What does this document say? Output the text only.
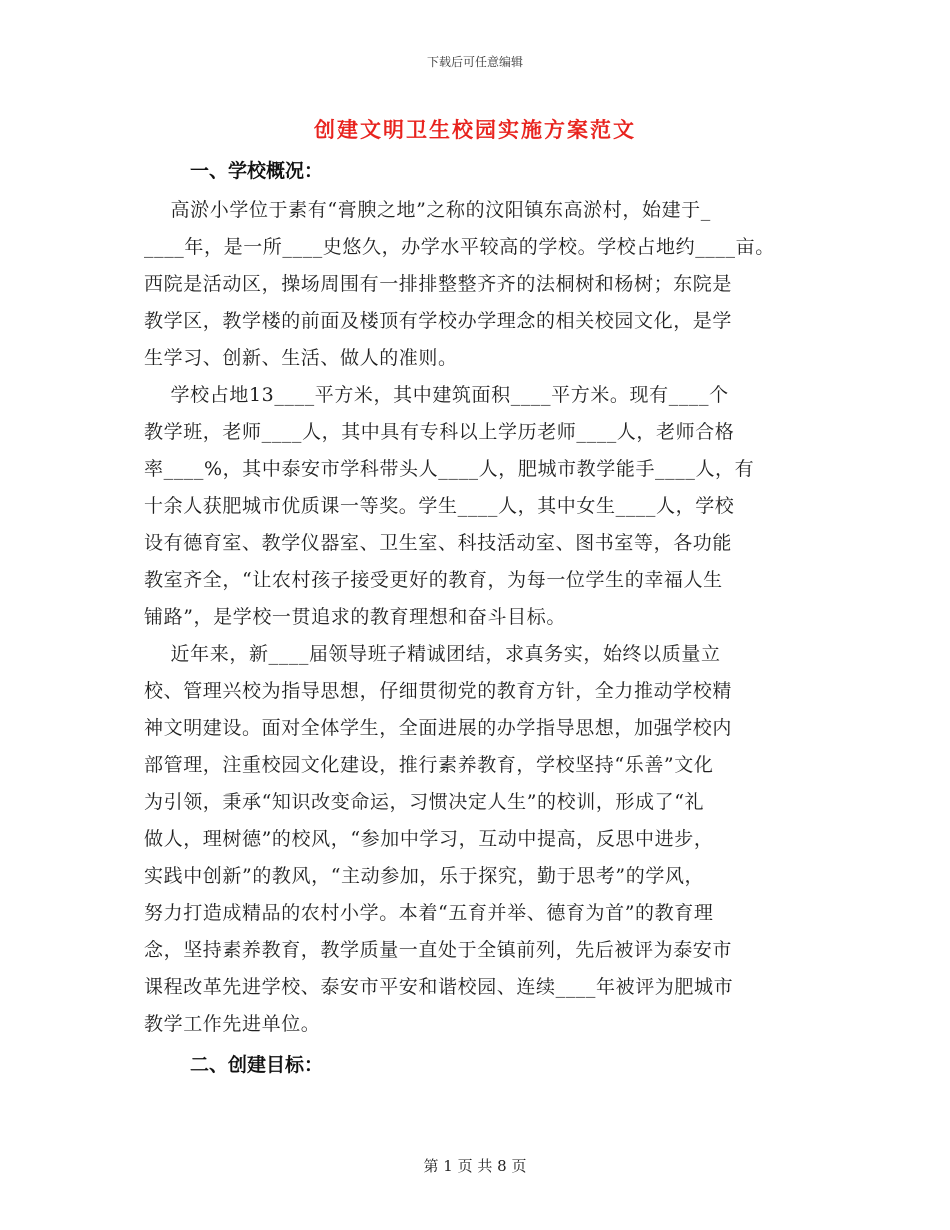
下载后可任意编辑
创建文明卫生校园实施方案范文
一、学校概况：
高淤小学位于素有“膏腴之地”之称的汶阳镇东高淤村，始建于_
____年，是一所____史悠久，办学水平较高的学校。学校占地约____亩。
西院是活动区，操场周围有一排排整整齐齐的法桐树和杨树；东院是
教学区，教学楼的前面及楼顶有学校办学理念的相关校园文化，是学
生学习、创新、生活、做人的准则。
学校占地13____平方米，其中建筑面积____平方米。现有____个
教学班，老师____人，其中具有专科以上学历老师____人，老师合格
率____%，其中泰安市学科带头人____人，肥城市教学能手____人，有
十余人获肥城市优质课一等奖。学生____人，其中女生____人，学校
设有德育室、教学仪器室、卫生室、科技活动室、图书室等，各功能
教室齐全，“让农村孩子接受更好的教育，为每一位学生的幸福人生
铺路”，是学校一贯追求的教育理想和奋斗目标。
近年来，新____届领导班子精诚团结，求真务实，始终以质量立
校、管理兴校为指导思想，仔细贯彻党的教育方针，全力推动学校精
神文明建设。面对全体学生，全面进展的办学指导思想，加强学校内
部管理，注重校园文化建设，推行素养教育，学校坚持“乐善”文化
为引领，秉承“知识改变命运，习惯决定人生”的校训，形成了“礼
做人，理树德”的校风，“参加中学习，互动中提高，反思中进步，
实践中创新”的教风，“主动参加，乐于探究，勤于思考”的学风，
努力打造成精品的农村小学。本着“五育并举、德育为首”的教育理
念，坚持素养教育，教学质量一直处于全镇前列，先后被评为泰安市
课程改革先进学校、泰安市平安和谐校园、连续____年被评为肥城市
教学工作先进单位。
二、创建目标：
第 1 页 共 8 页
